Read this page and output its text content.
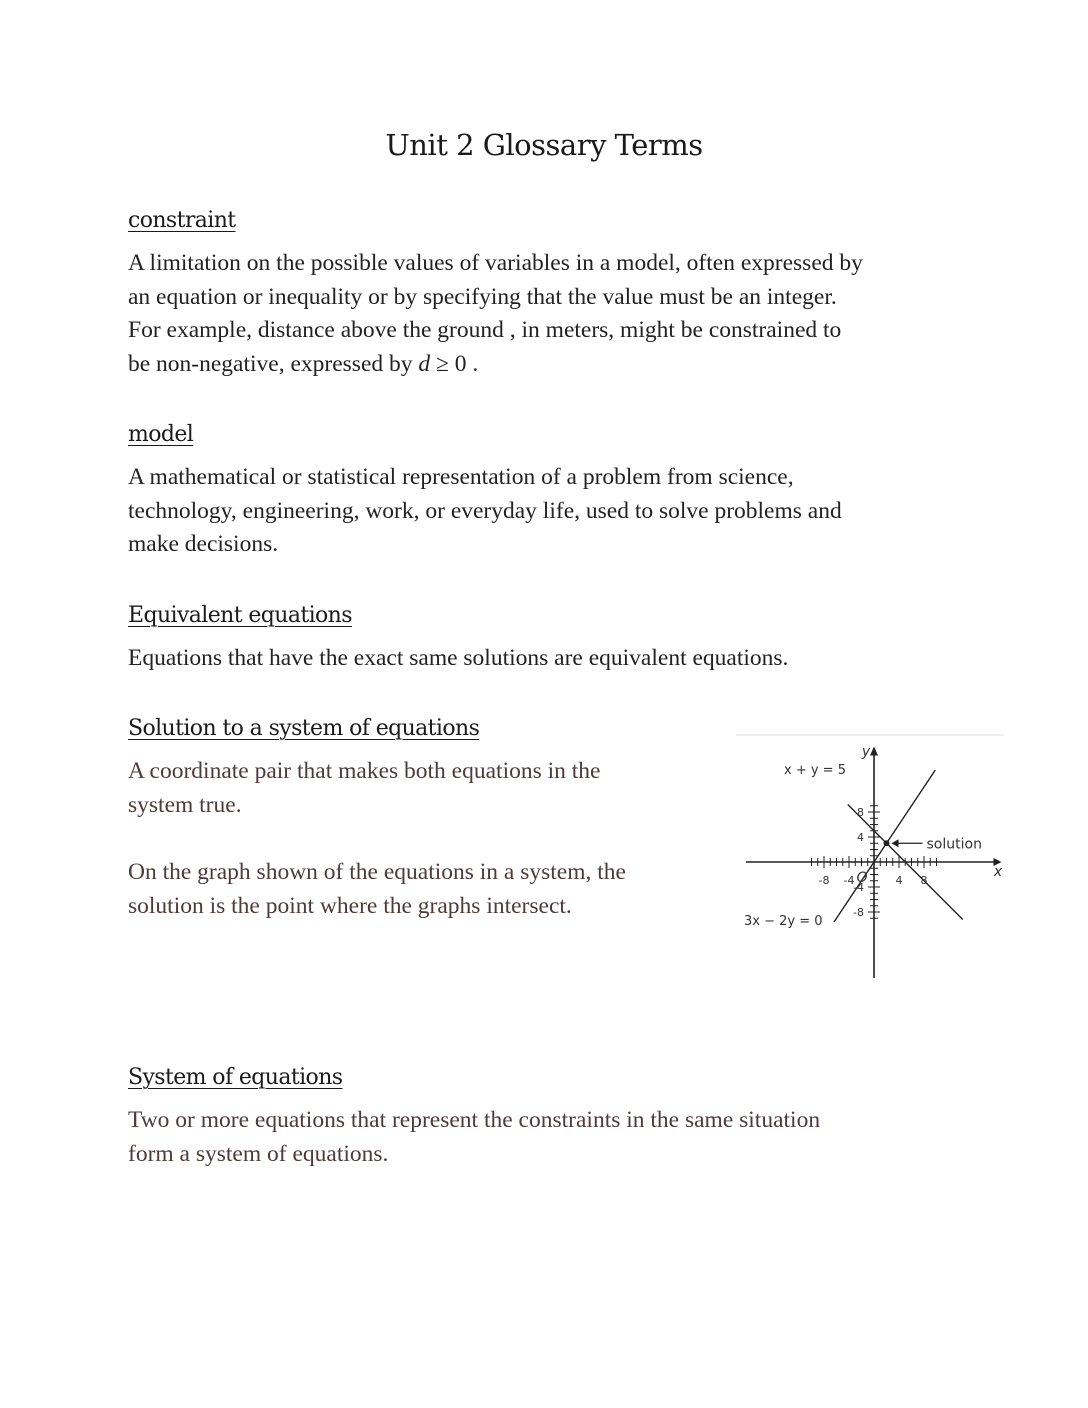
Unit 2 Glossary Terms
constraint

A limitation on the possible values of variables in a model, often expressed by
an equation or inequality or by specifying that the value must be an integer.
For example, distance above the ground , in meters, might be constrained to
be non-negative, expressed by d ≥ 0 .

model

A mathematical or statistical representation of a problem from science,
technology, engineering, work, or everyday life, used to solve problems and
make decisions.

Equivalent equations

Equations that have the exact same solutions are equivalent equations.

Solution to a system of equations

A coordinate pair that makes both equations in the
system true.

On the graph shown of the equations in a system, the
solution is the point where the graphs intersect.

-8 -4	4 8
8
4
-4
-8
x
y
O
solution
x + y = 5
3x − 2y = 0
System of equations

Two or more equations that represent the constraints in the same situation
form a system of equations.
